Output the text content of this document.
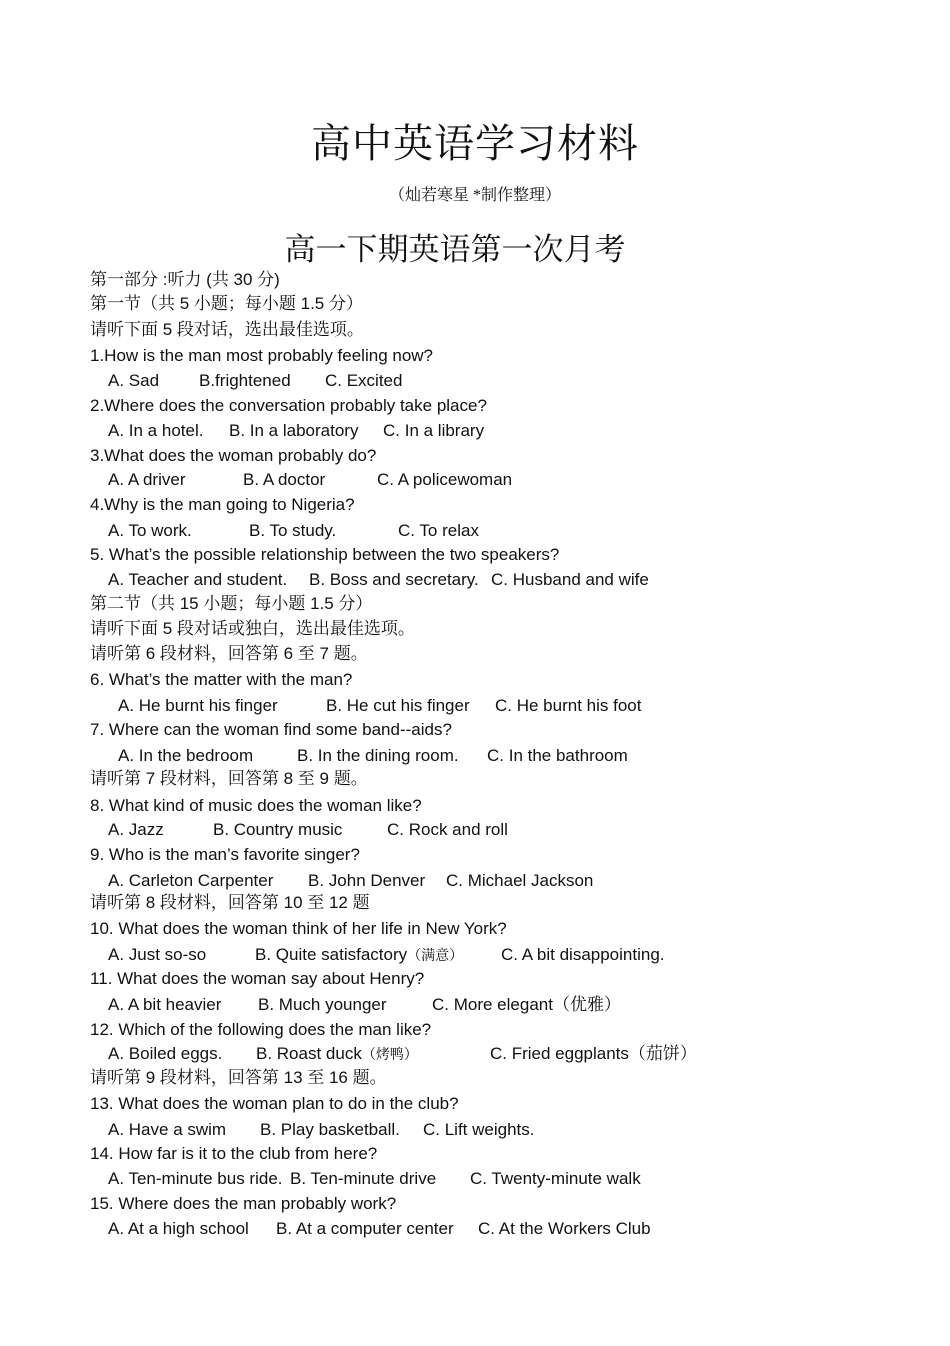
高中英语学习材料
（灿若寒星 *制作整理）
高一下期英语第一次月考
第一部分 :听力 (共 30 分)
第一节（共 5 小题；每小题 1.5 分）
请听下面 5 段对话，选出最佳选项。
1.How is the man most probably feeling now?
A. Sad B.frightened C. Excited
2.Where does the conversation probably take place?
A. In a hotel. B. In a laboratory C. In a library
3.What does the woman probably do?
A. A driver	B. A doctor	C. A policewoman
4.Why is the man going to Nigeria?
A. To work.	B. To study.	C. To relax
5. What’s the possible relationship between the two speakers?
A. Teacher and student. B. Boss and secretary. C. Husband and wife
第二节（共 15 小题；每小题 1.5 分）
请听下面 5 段对话或独白，选出最佳选项。
请听第 6 段材料，回答第 6 至 7 题。
6. What’s the matter with the man?
A. He burnt his finger	B. He cut his finger C. He burnt his foot
7. Where can the woman find some band--aids?
A. In the bedroom	B. In the dining room. C. In the bathroom
请听第 7 段材料，回答第 8 至 9 题。
8. What kind of music does the woman like?
A. Jazz	B. Country music	C. Rock and roll
9. Who is the man’s favorite singer?
A. Carleton Carpenter B. John Denver C. Michael Jackson
请听第 8 段材料，回答第 10 至 12 题
10. What does the woman think of her life in New York?
A. Just so-so	B. Quite satisfactory（满意） C. A bit disappointing.
11. What does the woman say about Henry?
A. A bit heavier B. Much younger	C. More elegant（优雅）
12. Which of the following does the man like?
A. Boiled eggs. B. Roast duck（烤鸭）	C. Fried eggplants（茄饼）
请听第 9 段材料，回答第 13 至 16 题。
13. What does the woman plan to do in the club?
A. Have a swim B. Play basketball. C. Lift weights.
14. How far is it to the club from here?
A. Ten-minute bus ride. B. Ten-minute drive C. Twenty-minute walk
15. Where does the man probably work?
A. At a high school B. At a computer center C. At the Workers Club
